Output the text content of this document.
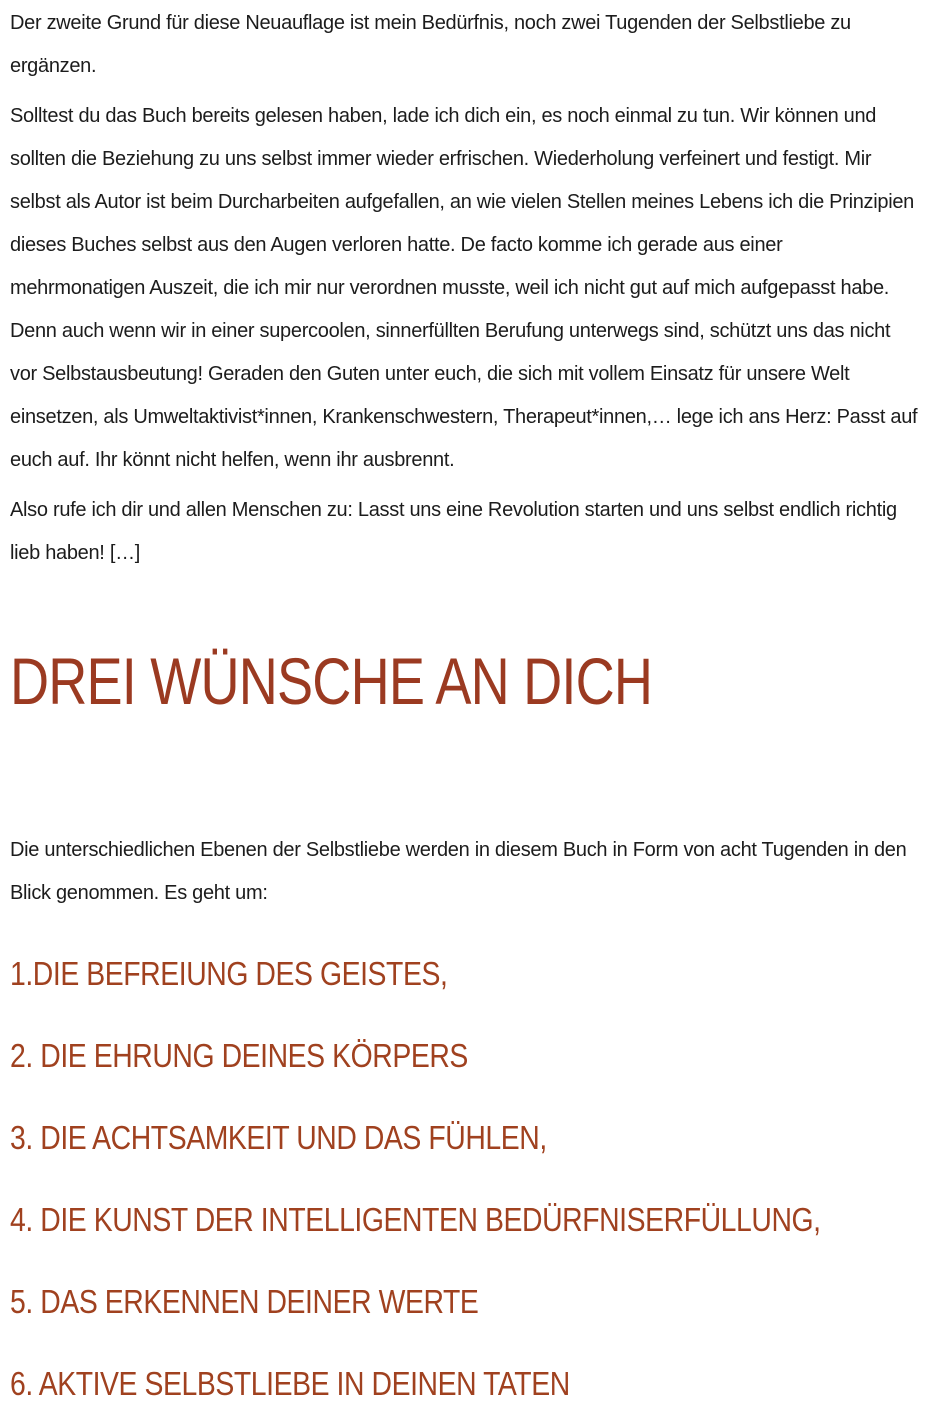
Der zweite Grund für diese Neuauflage ist mein Bedürfnis, noch zwei Tugenden der Selbstliebe zu ergänzen.

Solltest du das Buch bereits gelesen haben, lade ich dich ein, es noch einmal zu tun. Wir können und sollten die Beziehung zu uns selbst immer wieder erfrischen. Wiederholung verfeinert und festigt. Mir selbst als Autor ist beim Durcharbeiten aufgefallen, an wie vielen Stellen meines Lebens ich die Prinzipien dieses Buches selbst aus den Augen verloren hatte. De facto komme ich gerade aus einer mehrmonatigen Auszeit, die ich mir nur verordnen musste, weil ich nicht gut auf mich aufgepasst habe. Denn auch wenn wir in einer supercoolen, sinnerfüllten Berufung unterwegs sind, schützt uns das nicht vor Selbstausbeutung! Geraden den Guten unter euch, die sich mit vollem Einsatz für unsere Welt einsetzen, als Umweltaktivist*innen, Krankenschwestern, Therapeut*innen,… lege ich ans Herz: Passt auf euch auf. Ihr könnt nicht helfen, wenn ihr ausbrennt.

Also rufe ich dir und allen Menschen zu: Lasst uns eine Revolution starten und uns selbst endlich richtig lieb haben! […]

DREI WÜNSCHE AN DICH

Die unterschiedlichen Ebenen der Selbstliebe werden in diesem Buch in Form von acht Tugenden in den Blick genommen. Es geht um:

1.DIE BEFREIUNG DES GEISTES,
2. DIE EHRUNG DEINES KÖRPERS
3. DIE ACHTSAMKEIT UND DAS FÜHLEN,
4. DIE KUNST DER INTELLIGENTEN BEDÜRFNISERFÜLLUNG,
5. DAS ERKENNEN DEINER WERTE
6. AKTIVE SELBSTLIEBE IN DEINEN TATEN
